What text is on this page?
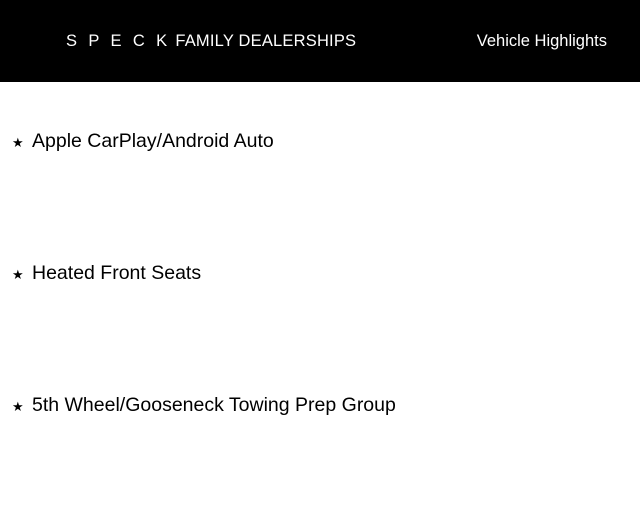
S P E C K FAMILY DEALERSHIPS	Vehicle Highlights
★ Apple CarPlay/Android Auto
★ Heated Front Seats
★ 5th Wheel/Gooseneck Towing Prep Group
